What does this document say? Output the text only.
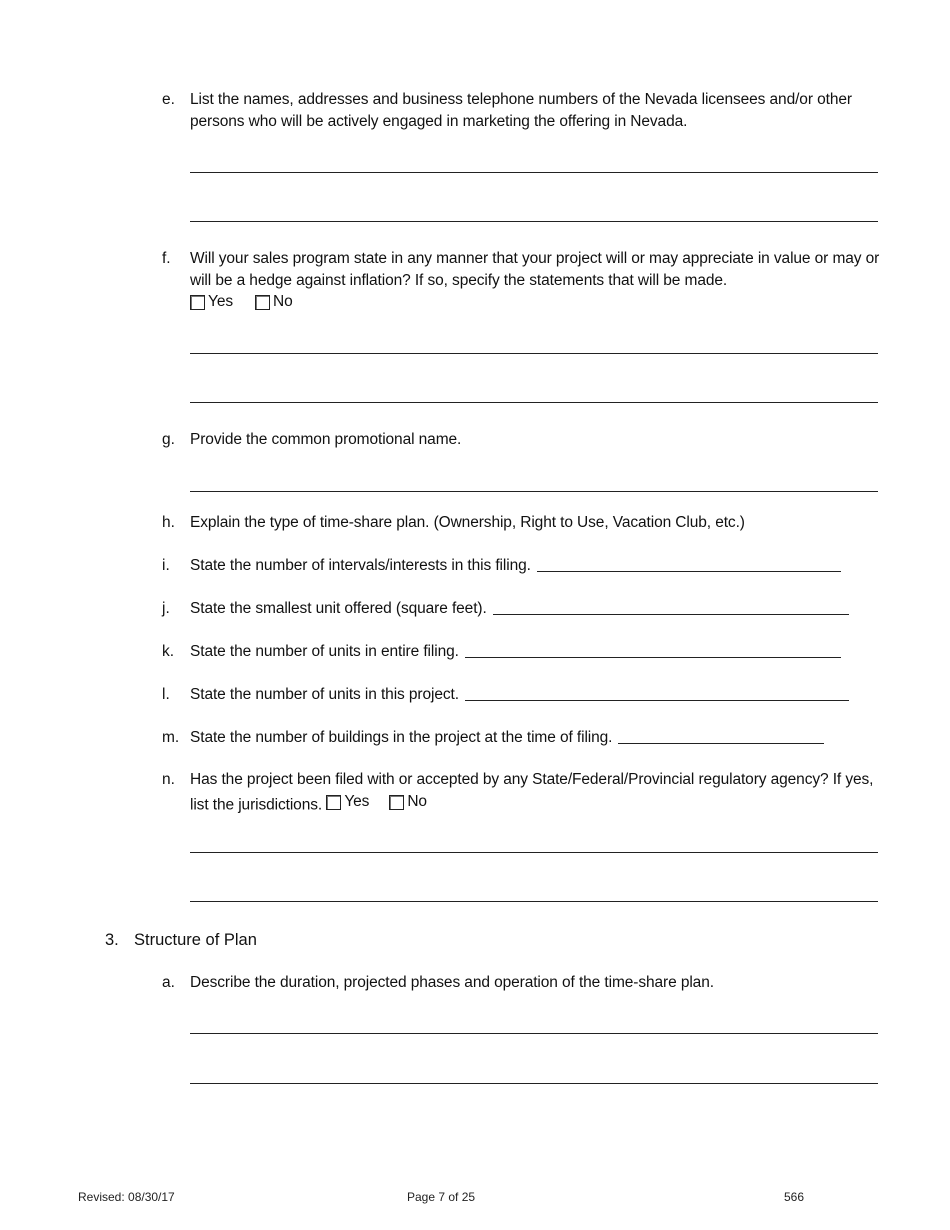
e. List the names, addresses and business telephone numbers of the Nevada licensees and/or other persons who will be actively engaged in marketing the offering in Nevada.
f. Will your sales program state in any manner that your project will or may appreciate in value or may or will be a hedge against inflation? If so, specify the statements that will be made.

Yes	No
g. Provide the common promotional name.
h. Explain the type of time-share plan. (Ownership, Right to Use, Vacation Club, etc.)
i. State the number of intervals/interests in this filing.
j. State the smallest unit offered (square feet).
k. State the number of units in entire filing.
l. State the number of units in this project.
m. State the number of buildings in the project at the time of filing.
n. Has the project been filed with or accepted by any State/Federal/Provincial regulatory agency? If yes, list the jurisdictions. Yes No
3. Structure of Plan
a. Describe the duration, projected phases and operation of the time-share plan.
Revised: 08/30/17	Page 7 of 25	566
